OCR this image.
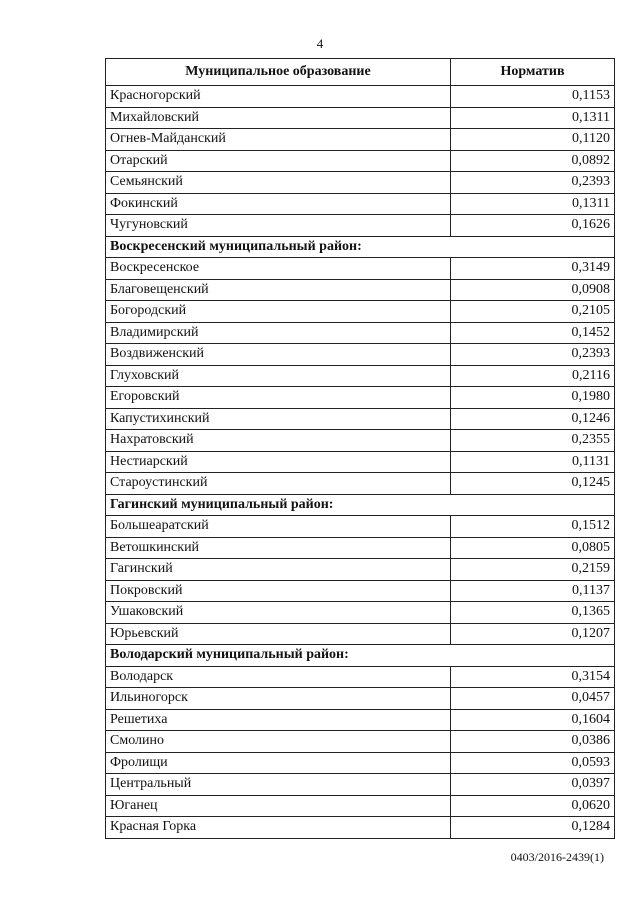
4
Муниципальное образование	Норматив
Красногорский	0,1153
Михайловский	0,1311
Огнев-Майданский	0,1120
Отарский	0,0892
Семьянский	0,2393
Фокинский	0,1311
Чугуновский	0,1626
Воскресенский муниципальный район:	
Воскресенское	0,3149
Благовещенский	0,0908
Богородский	0,2105
Владимирский	0,1452
Воздвиженский	0,2393
Глуховский	0,2116
Егоровский	0,1980
Капустихинский	0,1246
Нахратовский	0,2355
Нестиарский	0,1131
Староустинский	0,1245
Гагинский муниципальный район:	
Большеаратский	0,1512
Ветошкинский	0,0805
Гагинский	0,2159
Покровский	0,1137
Ушаковский	0,1365
Юрьевский	0,1207
Володарский муниципальный район:	
Володарск	0,3154
Ильиногорск	0,0457
Решетиха	0,1604
Смолино	0,0386
Фролищи	0,0593
Центральный	0,0397
Юганец	0,0620
Красная Горка	0,1284
0403/2016-2439(1)
